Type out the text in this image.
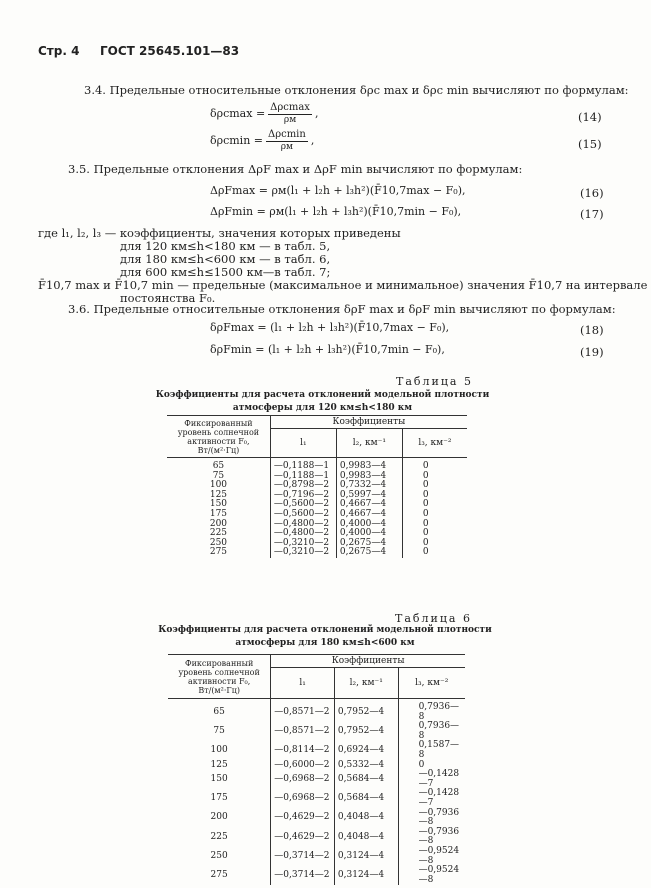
Стр. 4 ГОСТ 25645.101—83
3.4. Предельные относительные отклонения δρc max и δρc min вычисляют по формулам:
$\delta\rho cmax = \frac{\text{Δρcmax}}{\rho м}$ ,	(14)
$\delta\rho cmin = \frac{\text{Δρcmin}}{\rho м}$ ,	(15)
3.5. Предельные отклонения ΔρF max и ΔρF min вычисляют по формулам:
ΔρFmax = ρм(l₁ + l₂h + l₃h²)(F̄10,7max − F₀),	(16)
ΔρFmin = ρм(l₁ + l₂h + l₃h²)(F̄10,7min − F₀),	(17)
где l₁, l₂, l₃ — коэффициенты, значения которых приведены
для 120 км≤h<180 км — в табл. 5,
для 180 км≤h<600 км — в табл. 6,
для 600 км≤h≤1500 км—в табл. 7;
F̄10,7 max и F̄10,7 min — предельные (максимальное и минимальное) значения F̄10,7 на интервале
постоянства F₀.
3.6. Предельные относительные отклонения δρF max и δρF min вычисляют по формулам:
δρFmax = (l₁ + l₂h + l₃h²)(F̄10,7max − F₀),	(18)
δρFmin = (l₁ + l₂h + l₃h²)(F̄10,7min − F₀),	(19)
Таблица 5
Коэффициенты для расчета отклонений модельной плотности
атмосферы для 120 км≤h<180 км
Фиксированный уровень солнечной активности F₀, Вт/(м²·Гц)	Коэффициенты		
	l₁	l₂, км⁻¹	l₃, км⁻²
65	—0,1188—1	0,9983—4	0
75	—0,1188—1	0,9983—4	0
100	—0,8798—2	0,7332—4	0
125	—0,7196—2	0,5997—4	0
150	—0,5600—2	0,4667—4	0
175	—0,5600—2	0,4667—4	0
200	—0,4800—2	0,4000—4	0
225	—0,4800—2	0,4000—4	0
250	—0,3210—2	0,2675—4	0
275	—0,3210—2	0,2675—4	0
Таблица 6
Коэффициенты для расчета отклонений модельной плотности
атмосферы для 180 км≤h<600 км
Фиксированный уровень солнечной активности F₀, Вт/(м²·Гц)	Коэффициенты		
	l₁	l₂, км⁻¹	l₃, км⁻²
65	—0,8571—2	0,7952—4	0,7936—8
75	—0,8571—2	0,7952—4	0,7936—8
100	—0,8114—2	0,6924—4	0,1587—8
125	—0,6000—2	0,5332—4	0
150	—0,6968—2	0,5684—4	—0,1428—7
175	—0,6968—2	0,5684—4	—0,1428—7
200	—0,4629—2	0,4048—4	—0,7936—8
225	—0,4629—2	0,4048—4	—0,7936—8
250	—0,3714—2	0,3124—4	—0,9524—8
275	—0,3714—2	0,3124—4	—0,9524—8
